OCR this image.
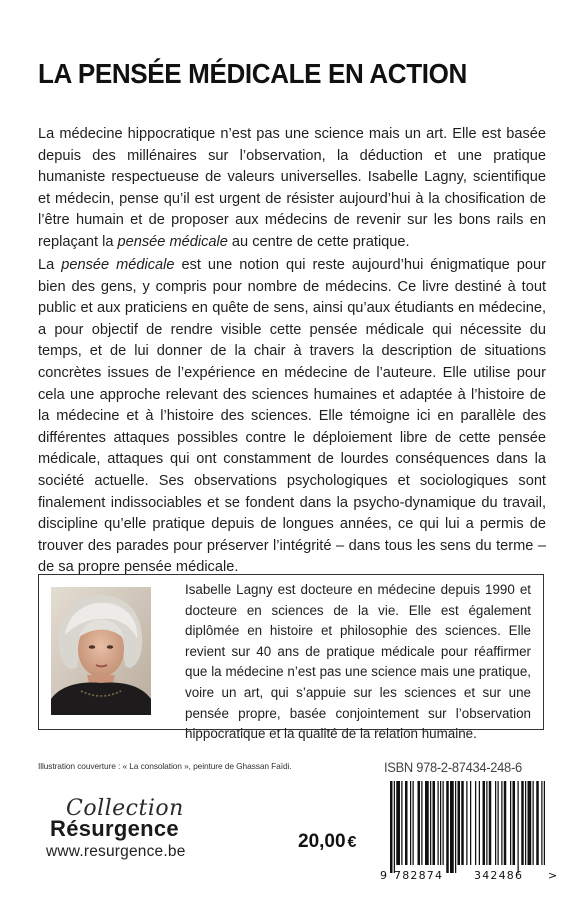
LA PENSÉE MÉDICALE EN ACTION

La médecine hippocratique n’est pas une science mais un art. Elle est basée depuis des millénaires sur l’observation, la déduction et une pratique humaniste respectueuse de valeurs universelles. Isabelle Lagny, scientifique et médecin, pense qu’il est urgent de résister aujourd’hui à la chosification de l’être humain et de proposer aux médecins de revenir sur les bons rails en replaçant la pensée médicale au centre de cette pratique.

La pensée médicale est une notion qui reste aujourd’hui énigmatique pour bien des gens, y compris pour nombre de médecins. Ce livre destiné à tout public et aux praticiens en quête de sens, ainsi qu’aux étudiants en médecine, a pour objectif de rendre visible cette pensée médicale qui nécessite du temps, et de lui donner de la chair à travers la description de situations concrètes issues de l’expérience en médecine de l’auteure. Elle utilise pour cela une approche relevant des sciences humaines et adaptée à l’histoire de la médecine et à l’histoire des sciences. Elle témoigne ici en parallèle des différentes attaques possibles contre le déploiement libre de cette pensée médicale, attaques qui ont constamment de lourdes conséquences dans la société actuelle. Ses observations psychologiques et sociologiques sont finalement indissociables et se fondent dans la psycho-dynamique du travail, discipline qu’elle pratique depuis de longues années, ce qui lui a permis de trouver des parades pour préserver l’intégrité – dans tous les sens du terme – de sa propre pensée médicale.

Isabelle Lagny est docteure en médecine depuis 1990 et docteure en sciences de la vie. Elle est également diplômée en histoire et philosophie des sciences. Elle revient sur 40 ans de pratique médicale pour réaffirmer que la médecine n’est pas une science mais une pratique, voire un art, qui s’appuie sur les sciences et sur une pensée propre, basée conjointement sur l’observation hippocratique et la qualité de la relation humaine.
Illustration couverture : « La consolation », peinture de Ghassan Faïdi.	ISBN 978-2-87434-248-6
Collection
Résurgence
www.resurgence.be	20,00 €
9 782874	342486 >
